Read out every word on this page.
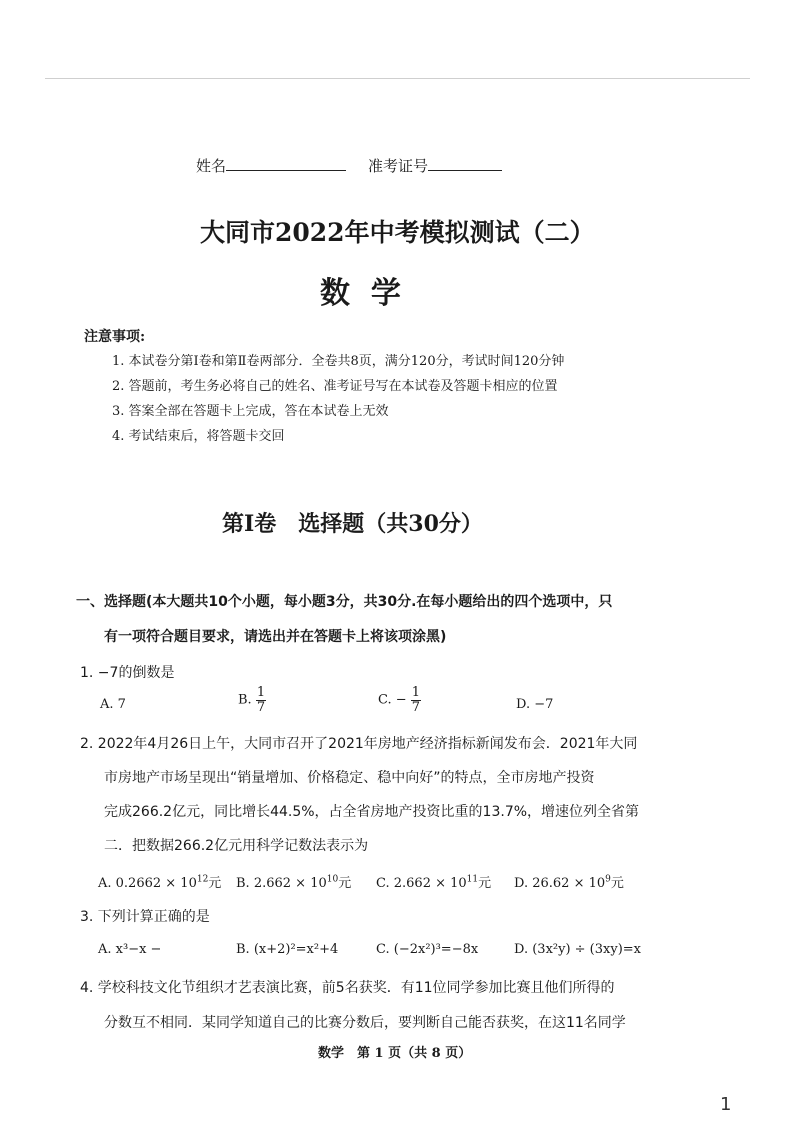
姓名	准考证号
大同市2022年中考模拟测试（二）
数  学
注意事项:
1. 本试卷分第Ⅰ卷和第Ⅱ卷两部分．全卷共8页，满分120分，考试时间120分钟
2. 答题前，考生务必将自己的姓名、准考证号写在本试卷及答题卡相应的位置
3. 答案全部在答题卡上完成，答在本试卷上无效
4. 考试结束后，将答题卡交回
第Ⅰ卷　选择题（共30分）
一、选择题(本大题共10个小题，每小题3分，共30分.在每小题给出的四个选项中，只
有一项符合题目要求，请选出并在答题卡上将该项涂黑)
1. −7的倒数是
A. 7	B. $\frac{1}{7}$	C. − $\frac{1}{7}$	D. −7
2. 2022年4月26日上午，大同市召开了2021年房地产经济指标新闻发布会．2021年大同
市房地产市场呈现出“销量增加、价格稳定、稳中向好”的特点，全市房地产投资
完成266.2亿元，同比增长44.5%，占全省房地产投资比重的13.7%，增速位列全省第
二．把数据266.2亿元用科学记数法表示为
A. $0.2662 \times 10^{12}$元 B. $2.662 \times 10^{10}$元 C. $2.662 \times 10^{11}$元 D. $26.62 \times 10^9$元
3. 下列计算正确的是
A. x³−x −	B. (x+2)²=x²+4	C. (−2x²)³=−8x	D. (3x²y) ÷ (3xy)=x
4. 学校科技文化节组织才艺表演比赛，前5名获奖．有11位同学参加比赛且他们所得的
分数互不相同．某同学知道自己的比赛分数后，要判断自己能否获奖，在这11名同学
数学　第 1 页（共 8 页）
1
